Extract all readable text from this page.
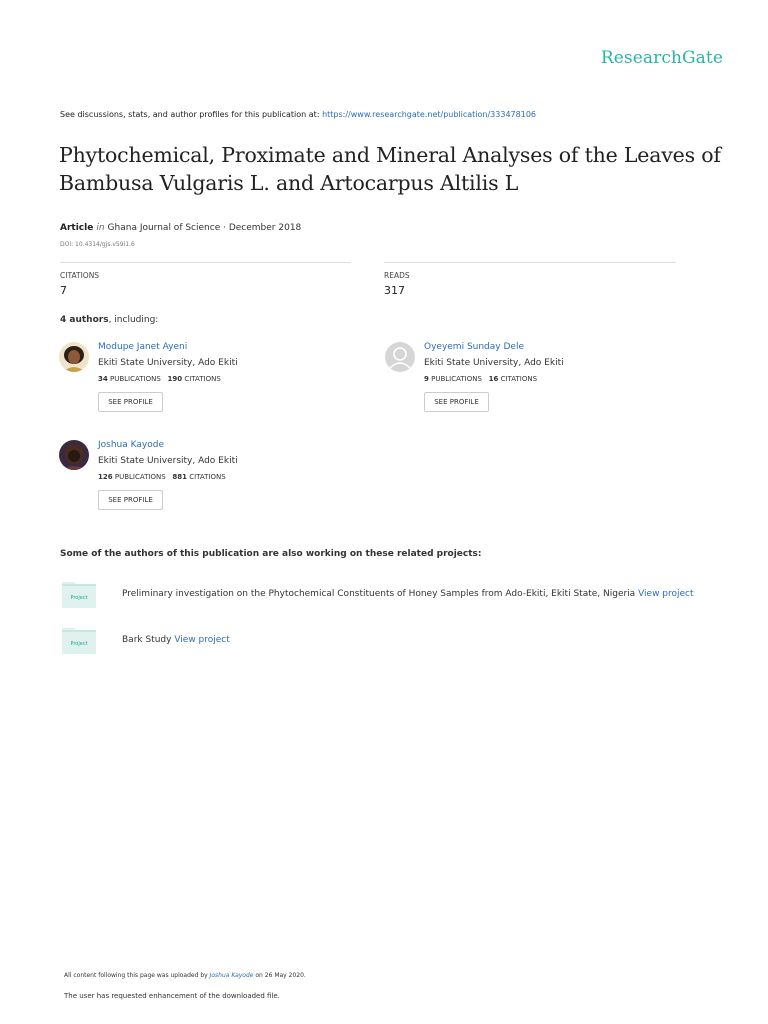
ResearchGate
See discussions, stats, and author profiles for this publication at: https://www.researchgate.net/publication/333478106
Phytochemical, Proximate and Mineral Analyses of the Leaves of Bambusa Vulgaris L. and Artocarpus Altilis L
Article in Ghana Journal of Science · December 2018
DOI: 10.4314/gjs.v59i1.6
CITATIONS
7
READS
317
4 authors, including:
Modupe Janet Ayeni
Ekiti State University, Ado Ekiti
34 PUBLICATIONS 190 CITATIONS
SEE PROFILE
Oyeyemi Sunday Dele
Ekiti State University, Ado Ekiti
9 PUBLICATIONS 16 CITATIONS
SEE PROFILE
Joshua Kayode
Ekiti State University, Ado Ekiti
126 PUBLICATIONS 881 CITATIONS
SEE PROFILE
Some of the authors of this publication are also working on these related projects:
Project	Preliminary investigation on the Phytochemical Constituents of Honey Samples from Ado-Ekiti, Ekiti State, Nigeria View project
Project	Bark Study View project
All content following this page was uploaded by Joshua Kayode on 26 May 2020.
The user has requested enhancement of the downloaded file.
